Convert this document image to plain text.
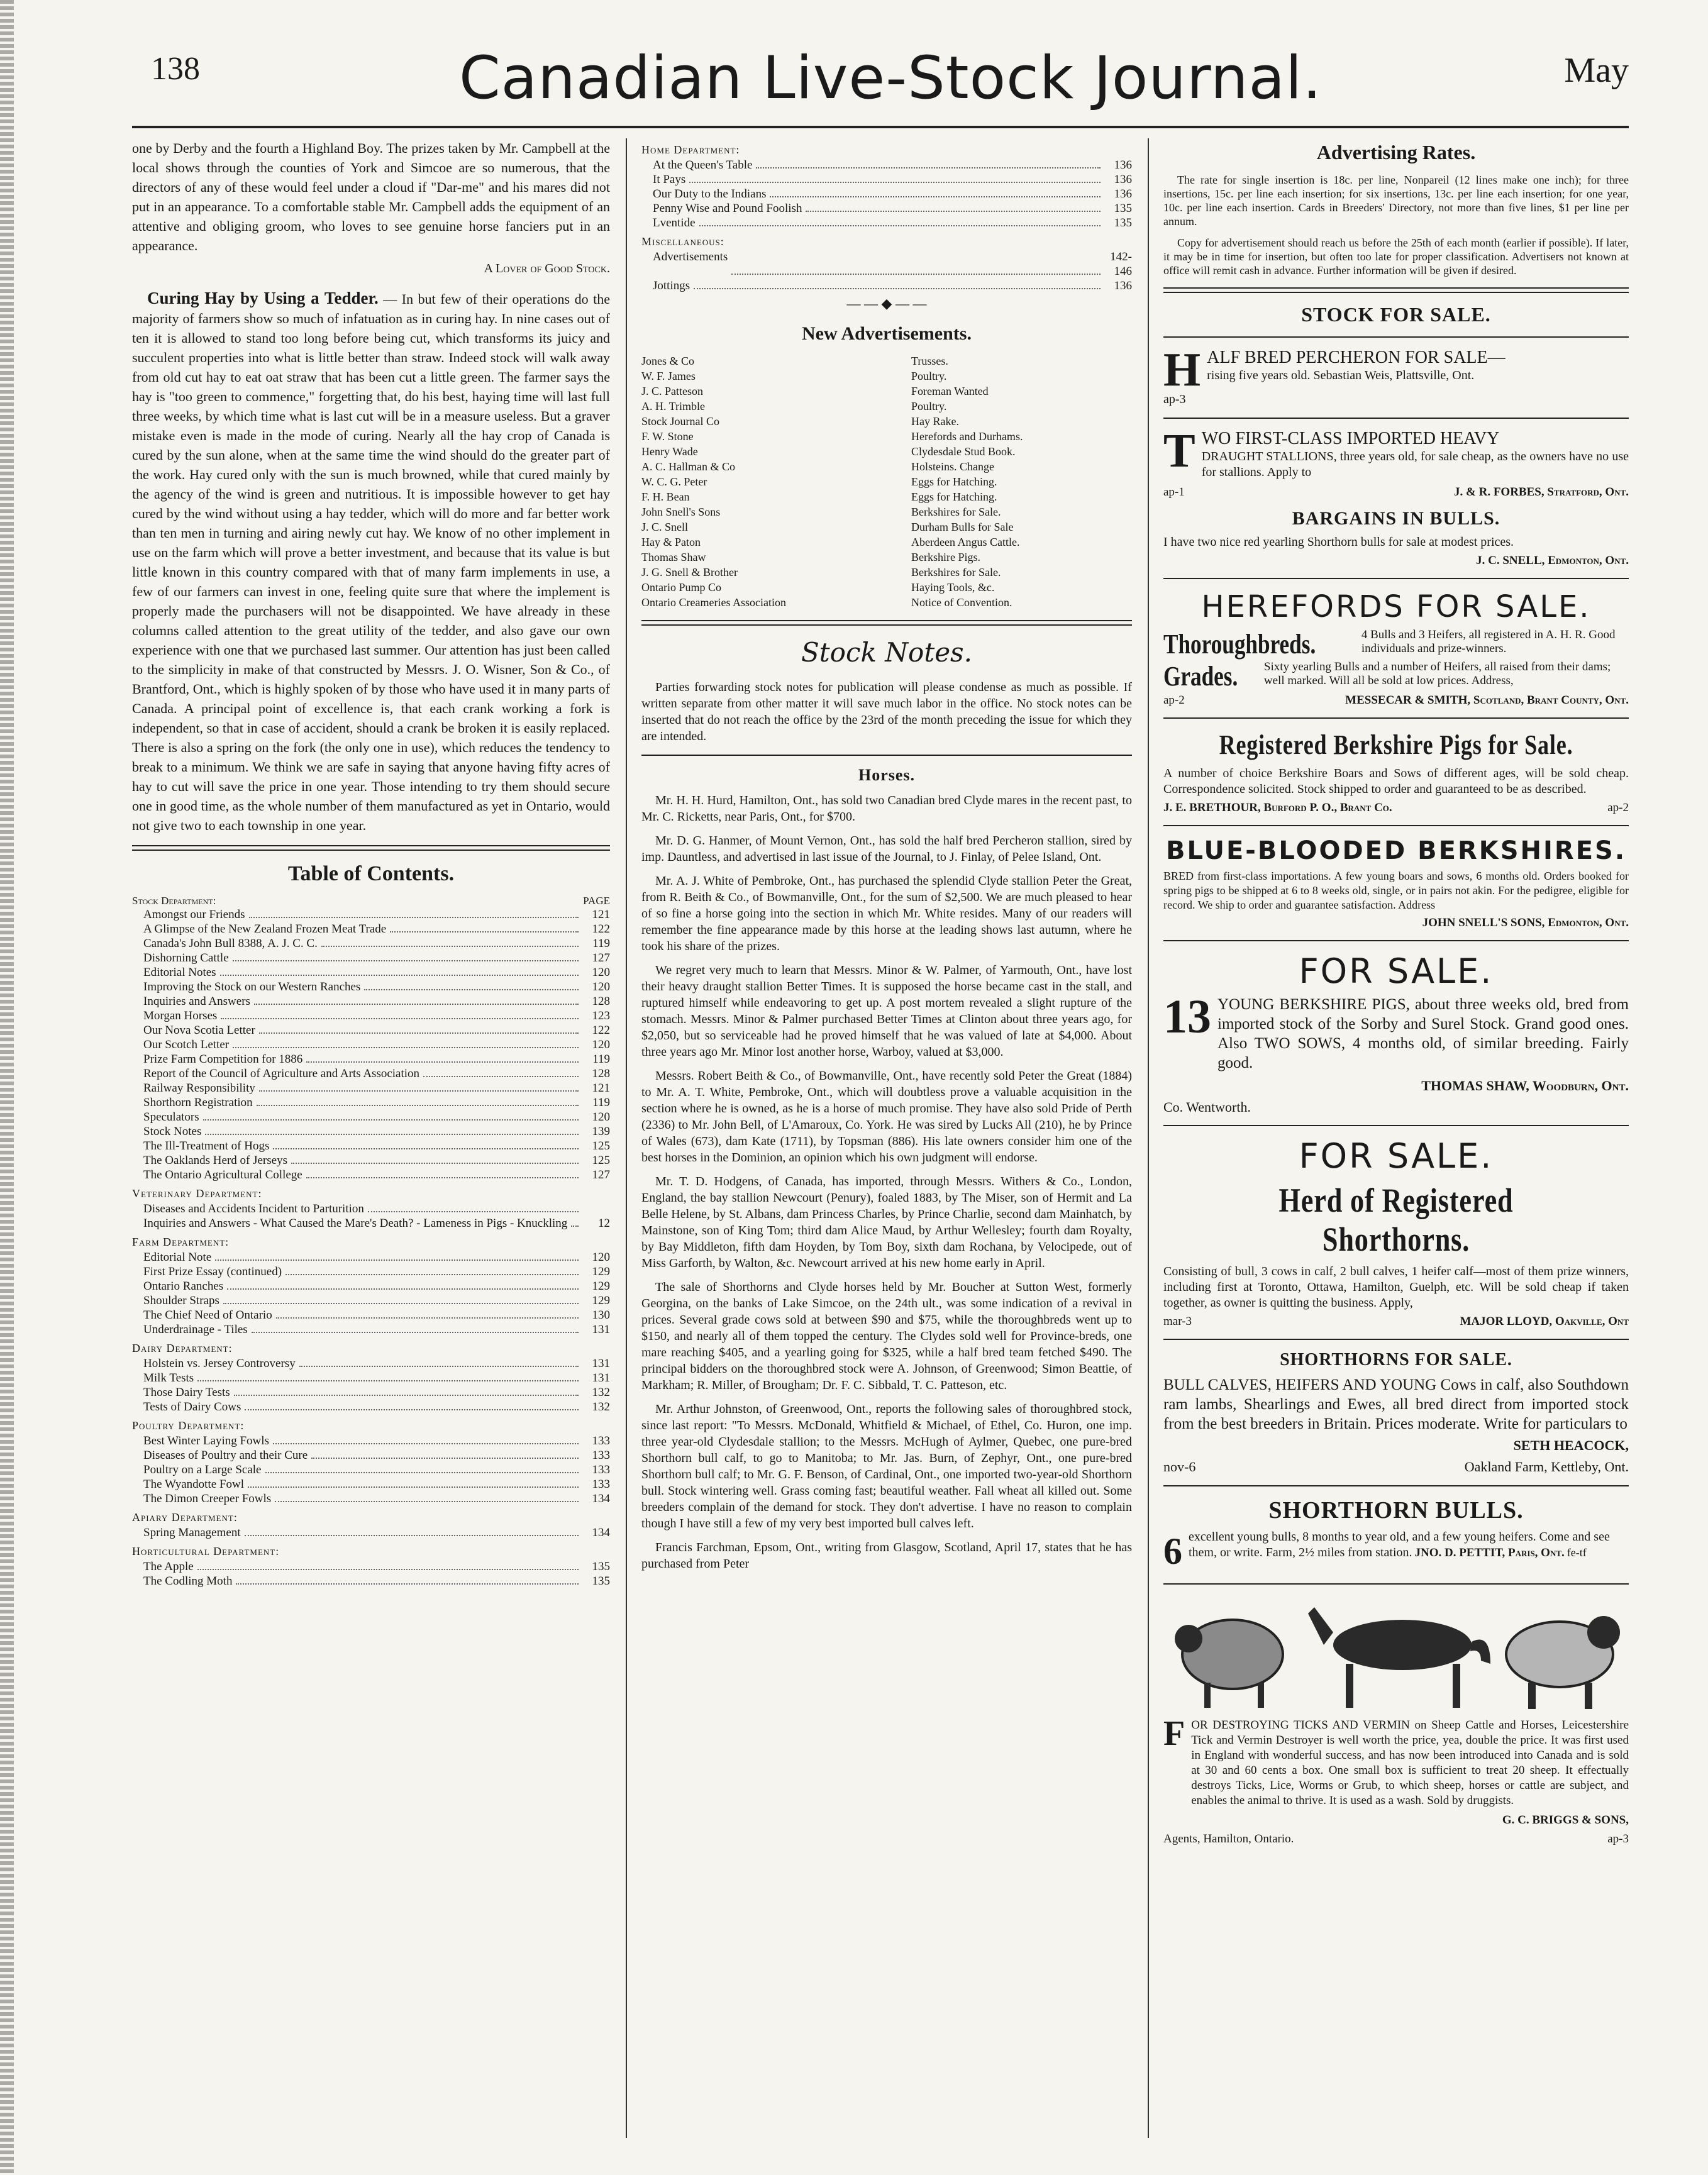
138	Canadian Live-Stock Journal.	May

one by Derby and the fourth a Highland Boy. The prizes taken by Mr. Campbell at the local shows through the counties of York and Simcoe are so numerous, that the directors of any of these would feel under a cloud if "Dar-me" and his mares did not put in an appearance. To a comfortable stable Mr. Campbell adds the equipment of an attentive and obliging groom, who loves to see genuine horse fanciers put in an appearance.

A Lover of Good Stock.

Curing Hay by Using a Tedder. — In but few of their operations do the majority of farmers show so much of infatuation as in curing hay. In nine cases out of ten it is allowed to stand too long before being cut, which transforms its juicy and succulent properties into what is little better than straw. Indeed stock will walk away from old cut hay to eat oat straw that has been cut a little green. The farmer says the hay is "too green to commence," forgetting that, do his best, haying time will last full three weeks, by which time what is last cut will be in a measure useless. But a graver mistake even is made in the mode of curing. Nearly all the hay crop of Canada is cured by the sun alone, when at the same time the wind should do the greater part of the work. Hay cured only with the sun is much browned, while that cured mainly by the agency of the wind is green and nutritious. It is impossible however to get hay cured by the wind without using a hay tedder, which will do more and far better work than ten men in turning and airing newly cut hay. We know of no other implement in use on the farm which will prove a better investment, and because that its value is but little known in this country compared with that of many farm implements in use, a few of our farmers can invest in one, feeling quite sure that where the implement is properly made the purchasers will not be disappointed. We have already in these columns called attention to the great utility of the tedder, and also gave our own experience with one that we purchased last summer. Our attention has just been called to the simplicity in make of that constructed by Messrs. J. O. Wisner, Son & Co., of Brantford, Ont., which is highly spoken of by those who have used it in many parts of Canada. A principal point of excellence is, that each crank working a fork is independent, so that in case of accident, should a crank be broken it is easily replaced. There is also a spring on the fork (the only one in use), which reduces the tendency to break to a minimum. We think we are safe in saying that anyone having fifty acres of hay to cut will save the price in one year. Those intending to try them should secure one in good time, as the whole number of them manufactured as yet in Ontario, would not give two to each township in one year.

Table of Contents.
Stock Department:	PAGE
Amongst our Friends	121
A Glimpse of the New Zealand Frozen Meat Trade	122
Canada's John Bull 8388, A. J. C. C.	119
Dishorning Cattle	127
Editorial Notes	120
Improving the Stock on our Western Ranches	120
Inquiries and Answers	128
Morgan Horses	123
Our Nova Scotia Letter	122
Our Scotch Letter	120
Prize Farm Competition for 1886	119
Report of the Council of Agriculture and Arts Association	128
Railway Responsibility	121
Shorthorn Registration	119
Speculators	120
Stock Notes	139
The Ill-Treatment of Hogs	125
The Oaklands Herd of Jerseys	125
The Ontario Agricultural College	127
Veterinary Department:
Diseases and Accidents Incident to Parturition
Inquiries and Answers - What Caused the Mare's Death? - Lameness in Pigs - Knuckling	12
Farm Department:
Editorial Note	120
First Prize Essay (continued)	129
Ontario Ranches	129
Shoulder Straps	129
The Chief Need of Ontario	130
Underdrainage - Tiles	131
Dairy Department:
Holstein vs. Jersey Controversy	131
Milk Tests	131
Those Dairy Tests	132
Tests of Dairy Cows	132
Poultry Department:
Best Winter Laying Fowls	133
Diseases of Poultry and their Cure	133
Poultry on a Large Scale	133
The Wyandotte Fowl	133
The Dimon Creeper Fowls	134
Apiary Department:
Spring Management	134
Horticultural Department:
The Apple	135
The Codling Moth	135
Home Department:
At the Queen's Table	136
It Pays	136
Our Duty to the Indians	136
Penny Wise and Pound Foolish	135
Lventide	135
Miscellaneous:
Advertisements	142-146
Jottings	136
— — ◆ — —
New Advertisements.
Jones & Co	Trusses.
W. F. James	Poultry.
J. C. Patteson	Foreman Wanted
A. H. Trimble	Poultry.
Stock Journal Co	Hay Rake.
F. W. Stone	Herefords and Durhams.
Henry Wade	Clydesdale Stud Book.
A. C. Hallman & Co	Holsteins. Change
W. C. G. Peter	Eggs for Hatching.
F. H. Bean	Eggs for Hatching.
John Snell's Sons	Berkshires for Sale.
J. C. Snell	Durham Bulls for Sale
Hay & Paton	Aberdeen Angus Cattle.
Thomas Shaw	Berkshire Pigs.
J. G. Snell & Brother	Berkshires for Sale.
Ontario Pump Co	Haying Tools, &c.
Ontario Creameries Association	Notice of Convention.
Stock Notes.

Parties forwarding stock notes for publication will please condense as much as possible. If written separate from other matter it will save much labor in the office. No stock notes can be inserted that do not reach the office by the 23rd of the month preceding the issue for which they are intended.

Horses.

Mr. H. H. Hurd, Hamilton, Ont., has sold two Canadian bred Clyde mares in the recent past, to Mr. C. Ricketts, near Paris, Ont., for $700.

Mr. D. G. Hanmer, of Mount Vernon, Ont., has sold the half bred Percheron stallion, sired by imp. Dauntless, and advertised in last issue of the Journal, to J. Finlay, of Pelee Island, Ont.

Mr. A. J. White of Pembroke, Ont., has purchased the splendid Clyde stallion Peter the Great, from R. Beith & Co., of Bowmanville, Ont., for the sum of $2,500. We are much pleased to hear of so fine a horse going into the section in which Mr. White resides. Many of our readers will remember the fine appearance made by this horse at the leading shows last autumn, where he took his share of the prizes.

We regret very much to learn that Messrs. Minor & W. Palmer, of Yarmouth, Ont., have lost their heavy draught stallion Better Times. It is supposed the horse became cast in the stall, and ruptured himself while endeavoring to get up. A post mortem revealed a slight rupture of the stomach. Messrs. Minor & Palmer purchased Better Times at Clinton about three years ago, for $2,050, but so serviceable had he proved himself that he was valued of late at $4,000. About three years ago Mr. Minor lost another horse, Warboy, valued at $3,000.

Messrs. Robert Beith & Co., of Bowmanville, Ont., have recently sold Peter the Great (1884) to Mr. A. T. White, Pembroke, Ont., which will doubtless prove a valuable acquisition in the section where he is owned, as he is a horse of much promise. They have also sold Pride of Perth (2336) to Mr. John Bell, of L'Amaroux, Co. York. He was sired by Lucks All (210), he by Prince of Wales (673), dam Kate (1711), by Topsman (886). His late owners consider him one of the best horses in the Dominion, an opinion which his own judgment will endorse.

Mr. T. D. Hodgens, of Canada, has imported, through Messrs. Withers & Co., London, England, the bay stallion Newcourt (Penury), foaled 1883, by The Miser, son of Hermit and La Belle Helene, by St. Albans, dam Princess Charles, by Prince Charlie, second dam Mainhatch, by Mainstone, son of King Tom; third dam Alice Maud, by Arthur Wellesley; fourth dam Royalty, by Bay Middleton, fifth dam Hoyden, by Tom Boy, sixth dam Rochana, by Velocipede, out of Miss Garforth, by Walton, &c. Newcourt arrived at his new home early in April.

The sale of Shorthorns and Clyde horses held by Mr. Boucher at Sutton West, formerly Georgina, on the banks of Lake Simcoe, on the 24th ult., was some indication of a revival in prices. Several grade cows sold at between $90 and $75, while the thoroughbreds went up to $150, and nearly all of them topped the century. The Clydes sold well for Province-breds, one mare reaching $405, and a yearling going for $325, while a half bred team fetched $490. The principal bidders on the thoroughbred stock were A. Johnson, of Greenwood; Simon Beattie, of Markham; R. Miller, of Brougham; Dr. F. C. Sibbald, T. C. Patteson, etc.

Mr. Arthur Johnston, of Greenwood, Ont., reports the following sales of thoroughbred stock, since last report: "To Messrs. McDonald, Whitfield & Michael, of Ethel, Co. Huron, one imp. three year-old Clydesdale stallion; to the Messrs. McHugh of Aylmer, Quebec, one pure-bred Shorthorn bull calf, to go to Manitoba; to Mr. Jas. Burn, of Zephyr, Ont., one pure-bred Shorthorn bull calf; to Mr. G. F. Benson, of Cardinal, Ont., one imported two-year-old Shorthorn bull. Stock wintering well. Grass coming fast; beautiful weather. Fall wheat all killed out. Some breeders complain of the demand for stock. They don't advertise. I have no reason to complain though I have still a few of my very best imported bull calves left.

Francis Farchman, Epsom, Ont., writing from Glasgow, Scotland, April 17, states that he has purchased from Peter

Advertising Rates.

The rate for single insertion is 18c. per line, Nonpareil (12 lines make one inch); for three insertions, 15c. per line each insertion; for six insertions, 13c. per line each insertion; for one year, 10c. per line each insertion. Cards in Breeders' Directory, not more than five lines, $1 per line per annum.

Copy for advertisement should reach us before the 25th of each month (earlier if possible). If later, it may be in time for insertion, but often too late for proper classification. Advertisers not known at office will remit cash in advance. Further information will be given if desired.

STOCK FOR SALE.
H ALF BRED PERCHERON FOR SALE—
rising five years old. Sebastian Weis, Plattsville, Ont.
ap-3
T WO FIRST-CLASS IMPORTED HEAVY
DRAUGHT STALLIONS, three years old, for sale cheap, as the owners have no use for stallions. Apply to
ap-1	J. & R. FORBES, Stratford, Ont.
BARGAINS IN BULLS.
I have two nice red yearling Shorthorn bulls for sale at modest prices.
J. C. SNELL, Edmonton, Ont.
HEREFORDS FOR SALE.
Thoroughbreds.	4 Bulls and 3 Heifers, all registered in A. H. R. Good individuals and prize-winners.
Grades. Sixty yearling Bulls and a number of Heifers, all raised from their dams; well marked. Will all be sold at low prices. Address,
ap-2	MESSECAR & SMITH, Scotland, Brant County, Ont.
Registered Berkshire Pigs for Sale.
A number of choice Berkshire Boars and Sows of different ages, will be sold cheap. Correspondence solicited. Stock shipped to order and guaranteed to be as described.
J. E. BRETHOUR, Burford P. O., Brant Co.	ap-2
BLUE-BLOODED BERKSHIRES.
BRED from first-class importations. A few young boars and sows, 6 months old. Orders booked for spring pigs to be shipped at 6 to 8 weeks old, single, or in pairs not akin. For the pedigree, eligible for record. We ship to order and guarantee satisfaction. Address
JOHN SNELL'S SONS, Edmonton, Ont.
FOR SALE.
13 YOUNG BERKSHIRE PIGS, about three weeks old, bred from imported stock of the Sorby and Surel Stock. Grand good ones. Also TWO SOWS, 4 months old, of similar breeding. Fairly good.
THOMAS SHAW, Woodburn, Ont.
Co. Wentworth.
FOR SALE.
Herd of Registered Shorthorns.
Consisting of bull, 3 cows in calf, 2 bull calves, 1 heifer calf—most of them prize winners, including first at Toronto, Ottawa, Hamilton, Guelph, etc. Will be sold cheap if taken together, as owner is quitting the business. Apply,
mar-3	MAJOR LLOYD, Oakville, Ont
SHORTHORNS FOR SALE.
BULL CALVES, HEIFERS AND YOUNG Cows in calf, also Southdown ram lambs, Shearlings and Ewes, all bred direct from imported stock from the best breeders in Britain. Prices moderate. Write for particulars to
SETH HEACOCK,
nov-6	Oakland Farm, Kettleby, Ont.
SHORTHORN BULLS.
6 excellent young bulls, 8 months to year old, and a few young heifers. Come and see them, or write. Farm, 2½ miles from station. JNO. D. PETTIT, Paris, Ont. fe-tf
F OR DESTROYING TICKS AND VERMIN on Sheep Cattle and Horses, Leicestershire Tick and Vermin Destroyer is well worth the price, yea, double the price. It was first used in England with wonderful success, and has now been introduced into Canada and is sold at 30 and 60 cents a box. One small box is sufficient to treat 20 sheep. It effectually destroys Ticks, Lice, Worms or Grub, to which sheep, horses or cattle are subject, and enables the animal to thrive. It is used as a wash. Sold by druggists.
G. C. BRIGGS & SONS,
Agents, Hamilton, Ontario.	ap-3
